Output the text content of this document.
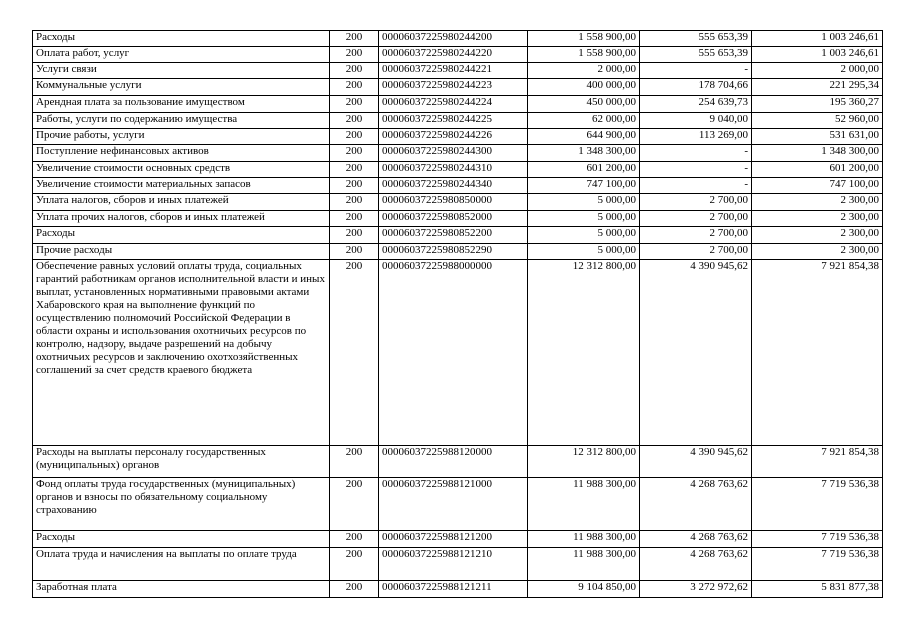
Расходы	200	00006037225980244200	1 558 900,00	555 653,39	1 003 246,61
Оплата работ, услуг	200	00006037225980244220	1 558 900,00	555 653,39	1 003 246,61
Услуги связи	200	00006037225980244221	2 000,00	-	2 000,00
Коммунальные услуги	200	00006037225980244223	400 000,00	178 704,66	221 295,34
Арендная плата за пользование имуществом	200	00006037225980244224	450 000,00	254 639,73	195 360,27
Работы, услуги по содержанию имущества	200	00006037225980244225	62 000,00	9 040,00	52 960,00
Прочие работы, услуги	200	00006037225980244226	644 900,00	113 269,00	531 631,00
Поступление нефинансовых активов	200	00006037225980244300	1 348 300,00	-	1 348 300,00
Увеличение стоимости основных средств	200	00006037225980244310	601 200,00	-	601 200,00
Увеличение стоимости материальных запасов	200	00006037225980244340	747 100,00	-	747 100,00
Уплата налогов, сборов и иных платежей	200	00006037225980850000	5 000,00	2 700,00	2 300,00
Уплата прочих налогов, сборов и иных платежей	200	00006037225980852000	5 000,00	2 700,00	2 300,00
Расходы	200	00006037225980852200	5 000,00	2 700,00	2 300,00
Прочие расходы	200	00006037225980852290	5 000,00	2 700,00	2 300,00
Обеспечение равных условий оплаты труда, социальных гарантий работникам органов исполнительной власти и иных выплат, установленных нормативными правовыми актами Хабаровского края на выполнение функций по осуществлению полномочий Российской Федерации в области охраны и использования охотничьих ресурсов по контролю, надзору, выдаче разрешений на добычу охотничьих ресурсов и заключению охотхозяйственных соглашений за счет средств краевого бюджета	200	00006037225988000000	12 312 800,00	4 390 945,62	7 921 854,38
Расходы на выплаты персоналу государственных (муниципальных) органов	200	00006037225988120000	12 312 800,00	4 390 945,62	7 921 854,38
Фонд оплаты труда государственных (муниципальных) органов и взносы по обязательному социальному страхованию	200	00006037225988121000	11 988 300,00	4 268 763,62	7 719 536,38
Расходы	200	00006037225988121200	11 988 300,00	4 268 763,62	7 719 536,38
Оплата труда и начисления на выплаты по оплате труда	200	00006037225988121210	11 988 300,00	4 268 763,62	7 719 536,38
Заработная плата	200	00006037225988121211	9 104 850,00	3 272 972,62	5 831 877,38
